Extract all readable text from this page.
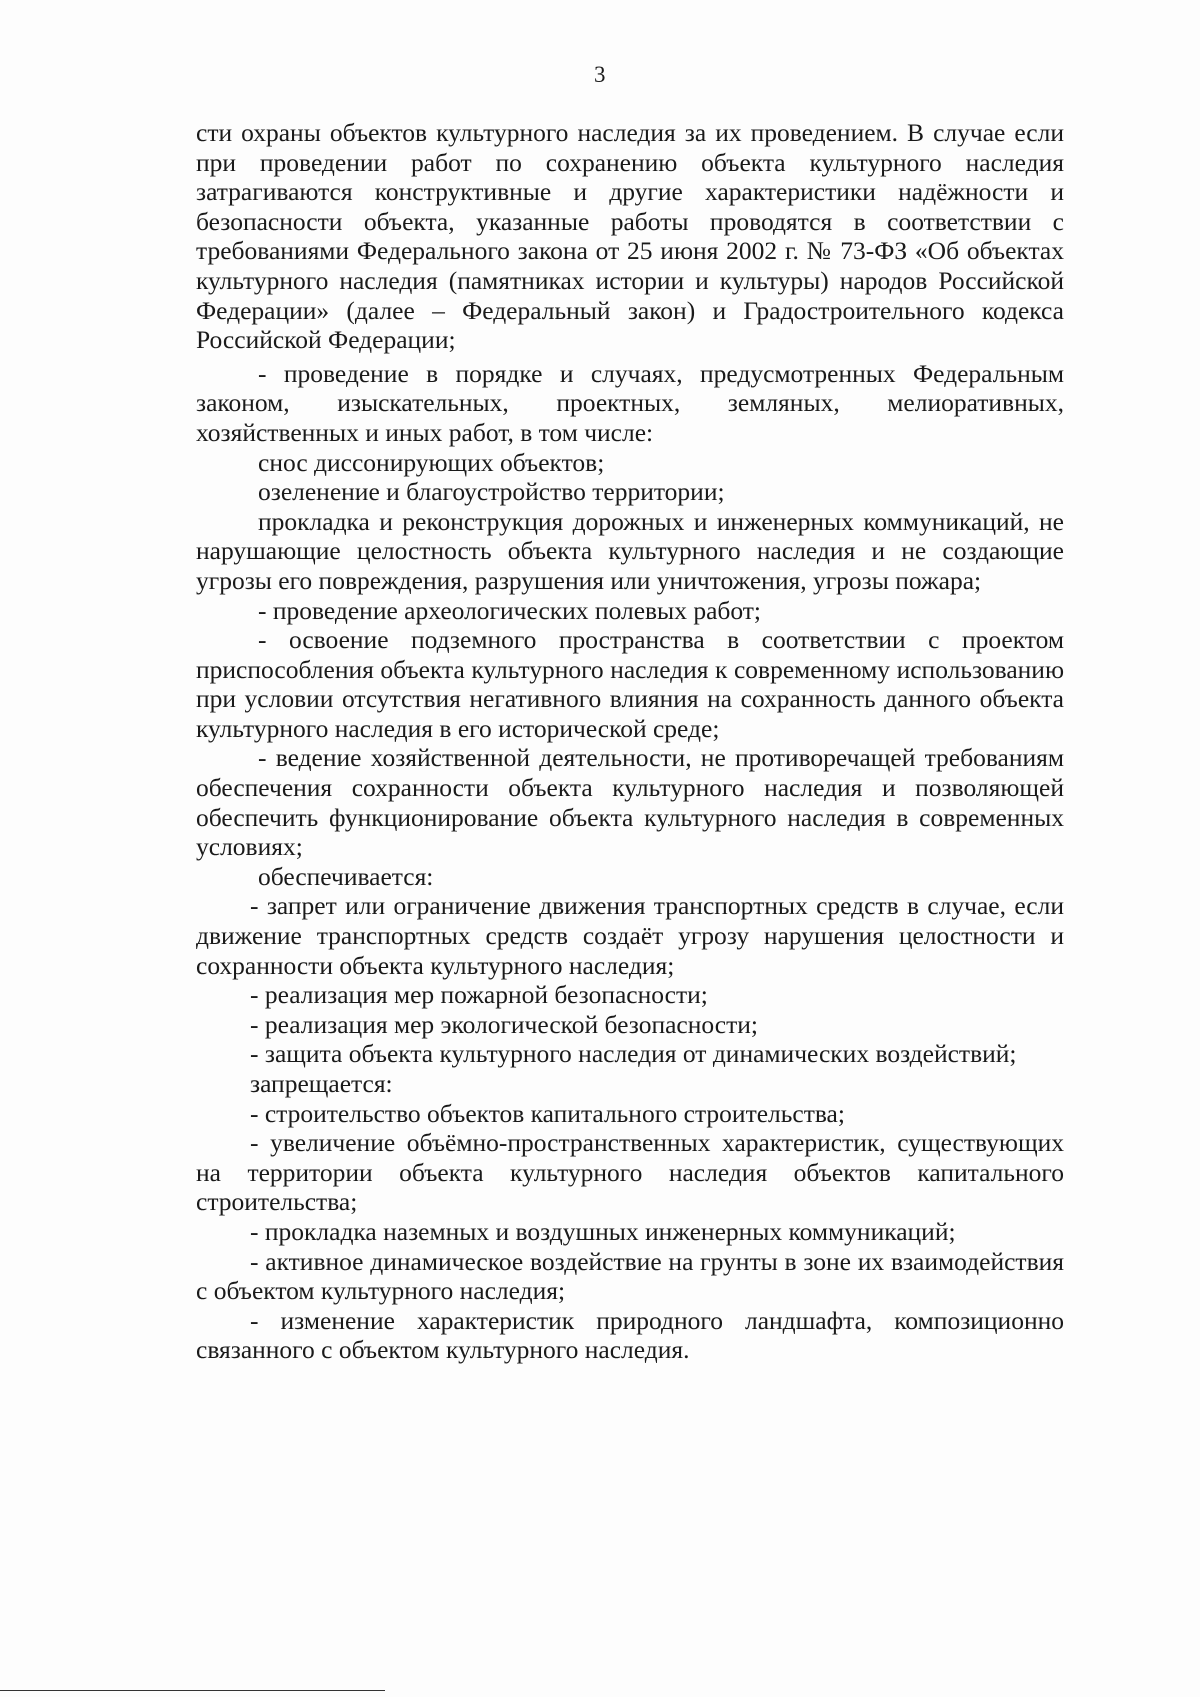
3

сти охраны объектов культурного наследия за их проведением. В случае если при проведении работ по сохранению объекта культурного наследия затрагиваются конструктивные и другие характеристики надёжности и безопасности объекта, указанные работы проводятся в соответствии с требованиями Федерального закона от 25 июня 2002 г. № 73-ФЗ «Об объектах культурного наследия (памятниках истории и культуры) народов Российской Федерации» (далее – Федеральный закон) и Градостроительного кодекса Российской Федерации;

- проведение в порядке и случаях, предусмотренных Федеральным законом, изыскательных, проектных, земляных, мелиоративных, хозяйственных и иных работ, в том числе:

снос диссонирующих объектов;

озеленение и благоустройство территории;

прокладка и реконструкция дорожных и инженерных коммуникаций, не нарушающие целостность объекта культурного наследия и не создающие угрозы его повреждения, разрушения или уничтожения, угрозы пожара;

- проведение археологических полевых работ;

- освоение подземного пространства в соответствии с проектом приспособления объекта культурного наследия к современному использованию при условии отсутствия негативного влияния на сохранность данного объекта культурного наследия в его исторической среде;

- ведение хозяйственной деятельности, не противоречащей требованиям обеспечения сохранности объекта культурного наследия и позволяющей обеспечить функционирование объекта культурного наследия в современных условиях;

обеспечивается:

- запрет или ограничение движения транспортных средств в случае, если движение транспортных средств создаёт угрозу нарушения целостности и сохранности объекта культурного наследия;

- реализация мер пожарной безопасности;

- реализация мер экологической безопасности;

- защита объекта культурного наследия от динамических воздействий;

запрещается:

- строительство объектов капитального строительства;

- увеличение объёмно-пространственных характеристик, существующих на территории объекта культурного наследия объектов капитального строительства;

- прокладка наземных и воздушных инженерных коммуникаций;

- активное динамическое воздействие на грунты в зоне их взаимодействия с объектом культурного наследия;

- изменение характеристик природного ландшафта, композиционно связанного с объектом культурного наследия.
